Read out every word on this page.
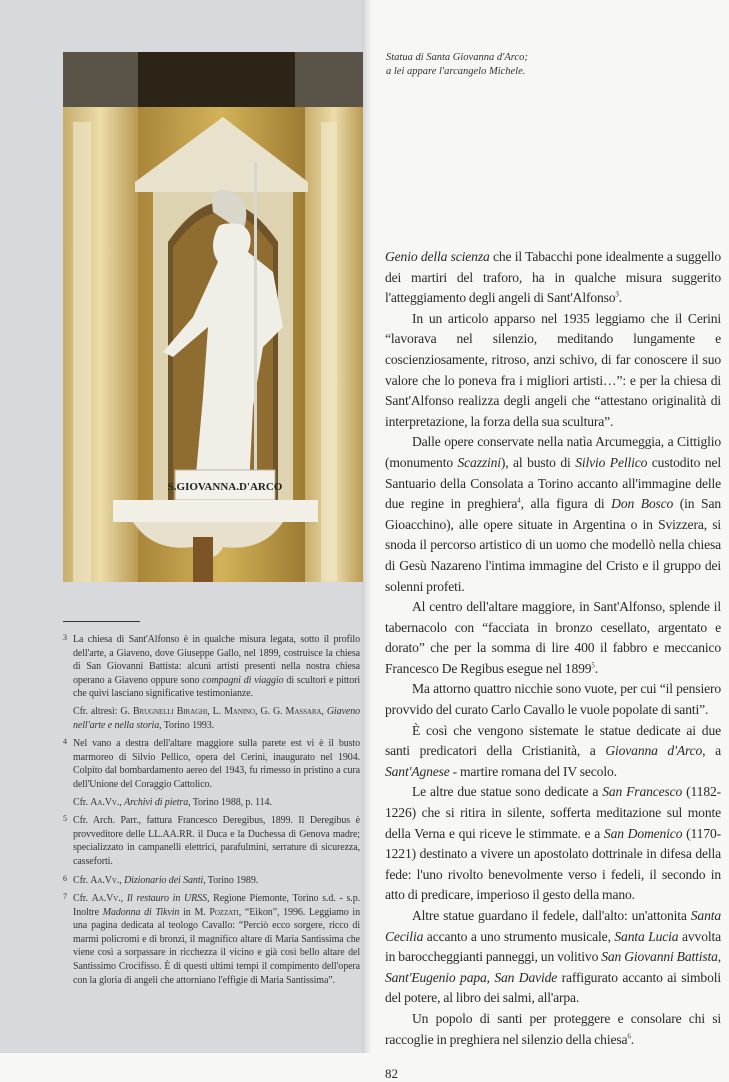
S.GIOVANNA.D'ARCO
Statua di Santa Giovanna d'Arco;
a lei appare l'arcangelo Michele.

Genio della scienza che il Tabacchi pone idealmente a suggello dei martiri del traforo, ha in qualche misura suggerito l'atteggiamento degli angeli di Sant'Alfonso$^3$.

In un articolo apparso nel 1935 leggiamo che il Cerini “lavorava nel silenzio, meditando lungamente e coscienziosamente, ritroso, anzi schivo, di far conoscere il suo valore che lo poneva fra i migliori artisti…”: e per la chiesa di Sant'Alfonso realizza degli angeli che “attestano originalità di interpretazione, la forza della sua scultura”.

Dalle opere conservate nella natìa Arcumeggia, a Cittiglio (monumento Scazzini), al busto di Silvio Pellico custodito nel Santuario della Consolata a Torino accanto all'immagine delle due regine in preghiera$^4$, alla figura di Don Bosco (in San Gioacchino), alle opere situate in Argentina o in Svizzera, si snoda il percorso artistico di un uomo che modellò nella chiesa di Gesù Nazareno l'intima immagine del Cristo e il gruppo dei solenni profeti.

Al centro dell'altare maggiore, in Sant'Alfonso, splende il tabernacolo con “facciata in bronzo cesellato, argentato e dorato” che per la somma di lire 400 il fabbro e meccanico Francesco De Regibus esegue nel 1899$^5$.

Ma attorno quattro nicchie sono vuote, per cui “il pensiero provvido del curato Carlo Cavallo le vuole popolate di santi”.

È così che vengono sistemate le statue dedicate ai due santi predicatori della Cristianità, a Giovanna d'Arco, a Sant'Agnese - martire romana del IV secolo.

Le altre due statue sono dedicate a San Francesco (1182-1226) che si ritira in silente, sofferta meditazione sul monte della Verna e qui riceve le stimmate. e a San Domenico (1170-1221) destinato a vivere un apostolato dottrinale in difesa della fede: l'uno rivolto benevolmente verso i fedeli, il secondo in atto di predicare, imperioso il gesto della mano.

Altre statue guardano il fedele, dall'alto: un'attonita Santa Cecilia accanto a uno strumento musicale, Santa Lucia avvolta in baroccheggianti panneggi, un volitivo San Giovanni Battista, Sant'Eugenio papa, San Davide raffigurato accanto ai simboli del potere, al libro dei salmi, all'arpa.

Un popolo di santi per proteggere e consolare chi si raccoglie in preghiera nel silenzio della chiesa$^6$.

82
3 La chiesa di Sant'Alfonso è in qualche misura legata, sotto il profilo dell'arte, a Giaveno, dove Giuseppe Gallo, nel 1899, costruisce la chiesa di San Giovanni Battista: alcuni artisti presenti nella nostra chiesa operano a Giaveno oppure sono compagni di viaggio di scultori e pittori che quivi lasciano significative testimonianze.
Cfr. altresì: G. Brugnelli Biraghi, L. Manino, G. G. Massara, Giaveno nell'arte e nella storia, Torino 1993.
4 Nel vano a destra dell'altare maggiore sulla parete est vi è il busto marmoreo di Silvio Pellico, opera del Cerini, inaugurato nel 1904. Colpito dal bombardamento aereo del 1943, fu rimesso in pristino a cura dell'Unione del Coraggio Cattolico.
Cfr. Aa.Vv., Archivi di pietra, Torino 1988, p. 114.
5 Cfr. Arch. Parr., fattura Francesco Deregibus, 1899. Il Deregibus è provveditore delle LL.AA.RR. il Duca e la Duchessa di Genova madre; specializzato in campanelli elettrici, parafulmini, serrature di sicurezza, casseforti.
6 Cfr. Aa.Vv., Dizionario dei Santi, Torino 1989.
7 Cfr. Aa.Vv., Il restauro in URSS, Regione Piemonte, Torino s.d. - s.p. Inoltre Madonna di Tikvin in M. Pozzati, “Eikon”, 1996. Leggiamo in una pagina dedicata al teologo Cavallo: “Perciò ecco sorgere, ricco di marmi policromi e di bronzi, il magnifico altare di Maria Santissima che viene così a sorpassare in ricchezza il vicino e già così bello altare del Santissimo Crocifisso. È di questi ultimi tempi il compimento dell'opera con la gloria di angeli che attorniano l'effigie di Maria Santissima”.
